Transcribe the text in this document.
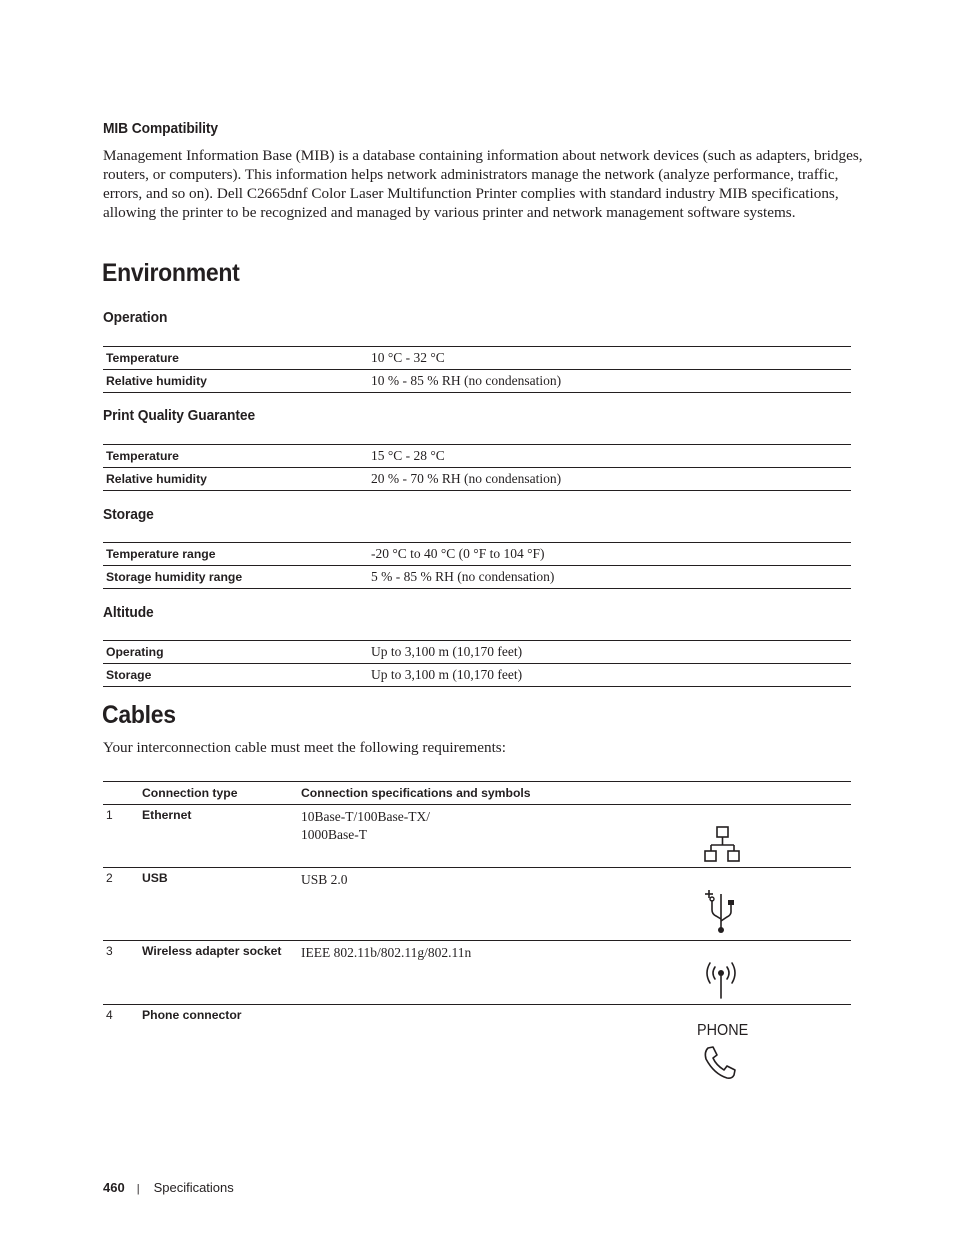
MIB Compatibility

Management Information Base (MIB) is a database containing information about network devices (such as adapters, bridges, routers, or computers). This information helps network administrators manage the network (analyze performance, traffic, errors, and so on). Dell C2665dnf Color Laser Multifunction Printer complies with standard industry MIB specifications, allowing the printer to be recognized and managed by various printer and network management software systems.

Environment
Operation
Temperature	10 °C - 32 °C
Relative humidity	10 % - 85 % RH (no condensation)
Print Quality Guarantee
Temperature	15 °C - 28 °C
Relative humidity	20 % - 70 % RH (no condensation)
Storage
Temperature range	-20 °C to 40 °C (0 °F to 104 °F)
Storage humidity range	5 % - 85 % RH (no condensation)
Altitude
Operating	Up to 3,100 m (10,170 feet)
Storage	Up to 3,100 m (10,170 feet)
Cables

Your interconnection cable must meet the following requirements:

	Connection type	Connection specifications and symbols	
1	Ethernet	10Base-T/100Base-TX/
1000Base-T

2	USB	USB 2.0

3	Wireless adapter socket	IEEE 802.11b/802.11g/802.11n

4	Phone connector		PHONE
460 | Specifications
